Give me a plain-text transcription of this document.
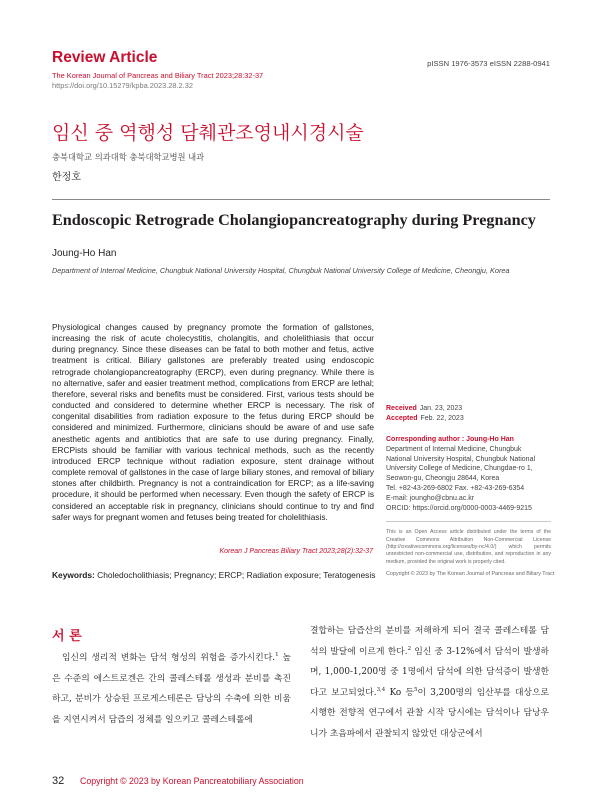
Review Article
The Korean Journal of Pancreas and Biliary Tract 2023;28:32-37
https://doi.org/10.15279/kpba.2023.28.2.32
pISSN 1976-3573 eISSN 2288-0941
임신 중 역행성 담췌관조영내시경시술
충북대학교 의과대학 충북대학교병원 내과
한정호
Endoscopic Retrograde Cholangiopancreatography during Pregnancy
Joung-Ho Han
Department of Internal Medicine, Chungbuk National University Hospital, Chungbuk National University College of Medicine, Cheongju, Korea

Physiological changes caused by pregnancy promote the formation of gallstones, increasing the risk of acute cholecystitis, cholangitis, and cholelithiasis that occur during pregnancy. Since these diseases can be fatal to both mother and fetus, active treatment is critical. Biliary gallstones are preferably treated using endoscopic retrograde cholangiopancreatography (ERCP), even during pregnancy. While there is no alternative, safer and easier treatment method, complications from ERCP are lethal; therefore, several risks and benefits must be considered. First, various tests should be conducted and considered to determine whether ERCP is necessary. The risk of congenital disabilities from radiation exposure to the fetus during ERCP should be considered and minimized. Furthermore, clinicians should be aware of and use safe anesthetic agents and antibiotics that are safe to use during pregnancy. Finally, ERCPists should be familiar with various technical methods, such as the recently introduced ERCP technique without radiation exposure, stent drainage without complete removal of gallstones in the case of large biliary stones, and removal of biliary stones after childbirth. Pregnancy is not a contraindication for ERCP; as a life-saving procedure, it should be performed when necessary. Even though the safety of ERCP is considered an acceptable risk in pregnancy, clinicians should continue to try and find safer ways for pregnant women and fetuses being treated for cholelithiasis.

Korean J Pancreas Biliary Tract 2023;28(2):32-37
Keywords: Choledocholithiasis; Pregnancy; ERCP; Radiation exposure; Teratogenesis
Received Jan. 23, 2023
Accepted Feb. 22, 2023
Corresponding author : Joung-Ho Han
Department of Internal Medicine, Chungbuk
National University Hospital, Chungbuk National
University College of Medicine, Chungdae-ro 1,
Seowon-gu, Cheongju 28644, Korea
Tel. +82-43-269-6802 Fax. +82-43-269-6354
E-mail: jounghо@cbnu.ac.kr
ORCID: https://orcid.org/0000-0003-4469-9215
This is an Open Access article distributed under the terms of the Creative Commons Attribution Non-Commercial License (http://creativecommons.org/licenses/by-nc/4.0/) which permits unrestricted non-commercial use, distribution, and reproduction in any medium, provided the original work is properly cited.
Copyright © 2023 by The Korean Journal of Pancreas and Biliary Tract
서 론

임신의 생리적 변화는 담석 형성의 위험을 증가시킨다.$^1$ 높은 수준의 에스트로겐은 간의 콜레스테롤 생성과 분비를 촉진하고, 분비가 상승된 프로게스테론은 담낭의 수축에 의한 비움을 지연시켜서 담즙의 정체를 일으키고 콜레스테롤에

결합하는 담즙산의 분비를 저해하게 되어 결국 콜레스테롤 담석의 발달에 이르게 한다.$^2$ 임신 중 3-12%에서 담석이 발생하며, 1,000-1,200명 중 1명에서 담석에 의한 담석증이 발생한다고 보고되었다.$^{3,4}$ Ko 등$^5$이 3,200명의 임산부를 대상으로 시행한 전향적 연구에서 관찰 시작 당시에는 담석이나 담낭우니가 초음파에서 관찰되지 않았던 대상군에서

32 Copyright © 2023 by Korean Pancreatobiliary Association
